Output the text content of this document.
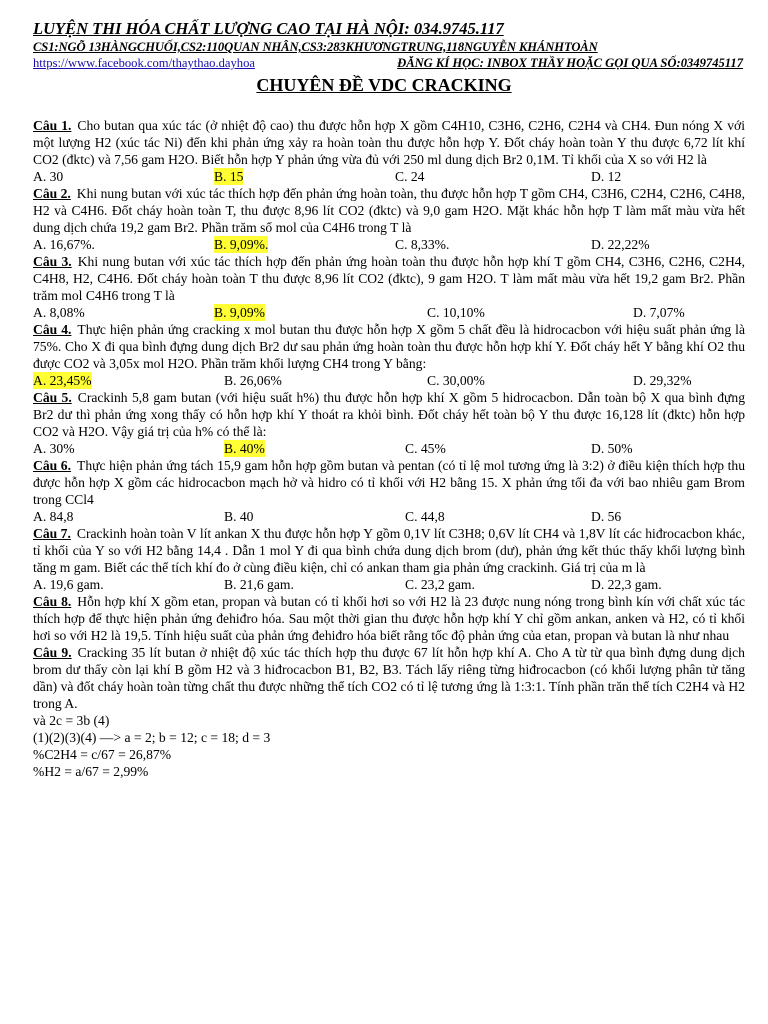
LUYỆN THI HÓA CHẤT LƯỢNG CAO TẠI HÀ NỘI: 034.9745.117
CS1:NGÕ 13HÀNGCHUỐI,CS2:110QUAN NHÂN,CS3:283KHƯƠNGTRUNG,118NGUYỄN KHÁNHTOÀN
https://www.facebook.com/thaythao.dayhoa	ĐĂNG KÍ HỌC: INBOX THẦY HOẶC GỌI QUA SỐ:0349745117
CHUYÊN ĐỀ VDC CRACKING
Câu 1. Cho butan qua xúc tác (ở nhiệt độ cao) thu được hỗn hợp X gồm C4H10, C3H6, C2H6, C2H4 và CH4. Đun nóng X với một lượng H2 (xúc tác Ni) đến khi phản ứng xảy ra hoàn toàn thu được hỗn hợp Y. Đốt cháy hoàn toàn Y thu được 6,72 lít khí CO2 (đktc) và 7,56 gam H2O. Biết hỗn hợp Y phản ứng vừa đủ với 250 ml dung dịch Br2 0,1M. Tỉ khối của X so với H2 là
A. 30	B. 15	C. 24	D. 12
Câu 2. Khi nung butan với xúc tác thích hợp đến phản ứng hoàn toàn, thu được hỗn hợp T gồm CH4, C3H6, C2H4, C2H6, C4H8, H2 và C4H6. Đốt cháy hoàn toàn T, thu được 8,96 lít CO2 (đktc) và 9,0 gam H2O. Mặt khác hỗn hợp T làm mất màu vừa hết dung dịch chứa 19,2 gam Br2. Phần trăm số mol của C4H6 trong T là
A. 16,67%.	B. 9,09%.	C. 8,33%.	D. 22,22%
Câu 3. Khi nung butan với xúc tác thích hợp đến phản ứng hoàn toàn thu được hỗn hợp khí T gồm CH4, C3H6, C2H6, C2H4, C4H8, H2, C4H6. Đốt cháy hoàn toàn T thu được 8,96 lít CO2 (đktc), 9 gam H2O. T làm mất màu vừa hết 19,2 gam Br2. Phần trăm mol C4H6 trong T là
A. 8,08%	B. 9,09%	C. 10,10%	D. 7,07%
Câu 4. Thực hiện phản ứng cracking x mol butan thu được hỗn hợp X gồm 5 chất đều là hidrocacbon với hiệu suất phản ứng là 75%. Cho X đi qua bình đựng dung dịch Br2 dư sau phản ứng hoàn toàn thu được hỗn hợp khí Y. Đốt cháy hết Y bằng khí O2 thu được CO2 và 3,05x mol H2O. Phần trăm khối lượng CH4 trong Y bằng:
A. 23,45%	B. 26,06%	C. 30,00%	D. 29,32%
Câu 5. Crackinh 5,8 gam butan (với hiệu suất h%) thu được hỗn hợp khí X gồm 5 hidrocacbon. Dẫn toàn bộ X qua bình đựng Br2 dư thì phản ứng xong thấy có hỗn hợp khí Y thoát ra khỏi bình. Đốt cháy hết toàn bộ Y thu được 16,128 lít (đktc) hỗn hợp CO2 và H2O. Vậy giá trị của h% có thể là:
A. 30%	B. 40%	C. 45%	D. 50%
Câu 6. Thực hiện phản ứng tách 15,9 gam hỗn hợp gồm butan và pentan (có tỉ lệ mol tương ứng là 3:2) ở điều kiện thích hợp thu được hỗn hợp X gồm các hidrocacbon mạch hở và hidro có tỉ khối với H2 bằng 15. X phản ứng tối đa với bao nhiêu gam Brom trong CCl4
A. 84,8	B. 40	C. 44,8	D. 56
Câu 7. Crackinh hoàn toàn V lít ankan X thu được hỗn hợp Y gồm 0,1V lít C3H8; 0,6V lít CH4 và 1,8V lít các hiđrocacbon khác, tỉ khối của Y so với H2 bằng 14,4 . Dẫn 1 mol Y đi qua bình chứa dung dịch brom (dư), phản ứng kết thúc thấy khối lượng bình tăng m gam. Biết các thể tích khí đo ở cùng điều kiện, chỉ có ankan tham gia phản ứng crackinh. Giá trị của m là
A. 19,6 gam.	B. 21,6 gam.	C. 23,2 gam.	D. 22,3 gam.
Câu 8. Hỗn hợp khí X gồm etan, propan và butan có tỉ khối hơi so với H2 là 23 được nung nóng trong bình kín với chất xúc tác thích hợp để thực hiện phản ứng đehiđro hóa. Sau một thời gian thu được hỗn hợp khí Y chỉ gồm ankan, anken và H2, có tỉ khối hơi so với H2 là 19,5. Tính hiệu suất của phản ứng đehiđro hóa biết rằng tốc độ phản ứng của etan, propan và butan là như nhau
Câu 9. Cracking 35 lít butan ở nhiệt độ xúc tác thích hợp thu được 67 lít hỗn hợp khí A. Cho A từ từ qua bình đựng dung dịch brom dư thấy còn lại khí B gồm H2 và 3 hiđrocacbon B1, B2, B3. Tách lấy riêng từng hiđrocacbon (có khối lượng phân tử tăng dần) và đốt cháy hoàn toàn từng chất thu được những thể tích CO2 có tỉ lệ tương ứng là 1:3:1. Tính phần trăn thể tích C2H4 và H2 trong A.
và 2c = 3b (4)
(1)(2)(3)(4) —> a = 2; b = 12; c = 18; d = 3
%C2H4 = c/67 = 26,87%
%H2 = a/67 = 2,99%
